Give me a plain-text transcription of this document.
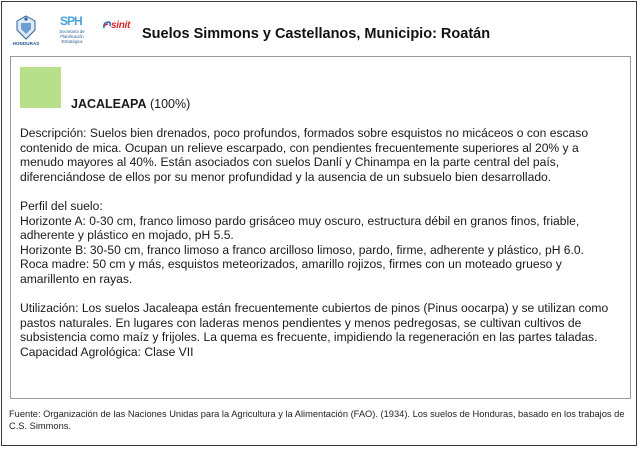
HONDURAS
SPH
Secretaría de Planificación Estratégica
sinit
Suelos Simmons y Castellanos, Municipio: Roatán
JACALEAPA (100%)

Descripción: Suelos bien drenados, poco profundos, formados sobre esquistos no micáceos o con escaso contenido de mica. Ocupan un relieve escarpado, con pendientes frecuentemente superiores al 20% y a menudo mayores al 40%. Están asociados con suelos Danlí y Chinampa en la parte central del país, diferenciándose de ellos por su menor profundidad y la ausencia de un subsuelo bien desarrollado.

Perfil del suelo:

Horizonte A: 0-30 cm, franco limoso pardo grisáceo muy oscuro, estructura débil en granos finos, friable, adherente y plástico en mojado, pH 5.5.

Horizonte B: 30-50 cm, franco limoso a franco arcilloso limoso, pardo, firme, adherente y plástico, pH 6.0.

Roca madre: 50 cm y más, esquistos meteorizados, amarillo rojizos, firmes con un moteado grueso y amarillento en rayas.

Utilización: Los suelos Jacaleapa están frecuentemente cubiertos de pinos (Pinus oocarpa) y se utilizan como pastos naturales. En lugares con laderas menos pendientes y menos pedregosas, se cultivan cultivos de subsistencia como maíz y frijoles. La quema es frecuente, impidiendo la regeneración en las partes taladas.

Capacidad Agrológica: Clase VII

Fuente: Organización de las Naciones Unidas para la Agricultura y la Alimentación (FAO). (1934). Los suelos de Honduras, basado en los trabajos de C.S. Simmons.
